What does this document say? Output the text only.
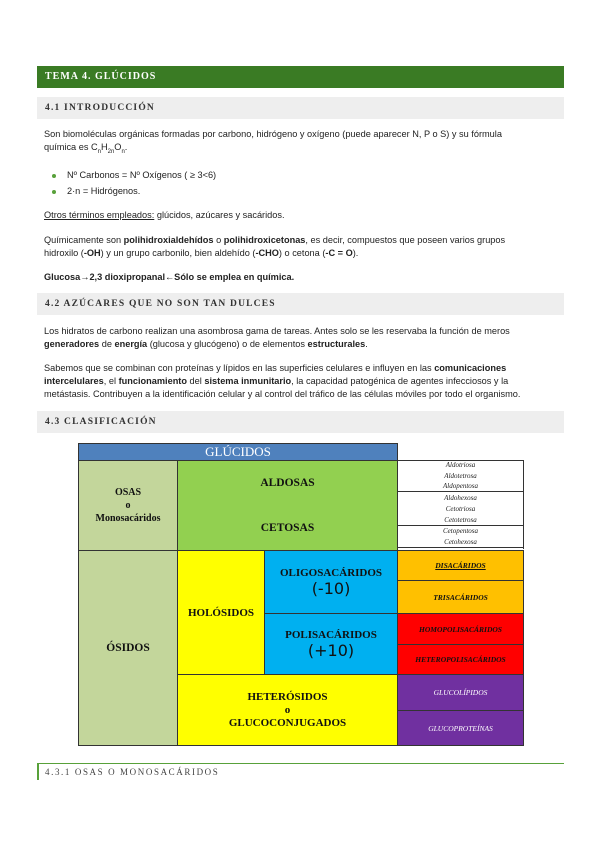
TEMA 4. GLÚCIDOS
4.1 INTRODUCCIÓN

Son biomoléculas orgánicas formadas por carbono, hidrógeno y oxígeno (puede aparecer N, P o S) y su fórmula
química es $C_nH_{2n}O_n$.

Nº Carbonos = Nº Oxígenos ( ≥ 3<6)
2·n = Hidrógenos.

Otros términos empleados: glúcidos, azúcares y sacáridos.

Químicamente son polihidroxialdehídos o polihidroxicetonas, es decir, compuestos que poseen varios grupos
hidroxilo (-OH) y un grupo carbonilo, bien aldehído (-CHO) o cetona (-C = O).

Glucosa→2,3 dioxipropanal←Sólo se emplea en química.

4.2 AZÚCARES QUE NO SON TAN DULCES

Los hidratos de carbono realizan una asombrosa gama de tareas. Antes solo se les reservaba la función de meros
generadores de energía (glucosa y glucógeno) o de elementos estructurales.

Sabemos que se combinan con proteínas y lípidos en las superficies celulares e influyen en las comunicaciones
intercelulares, el funcionamiento del sistema inmunitario, la capacidad patogénica de agentes infecciosos y la
metástasis. Contribuyen a la identificación celular y al control del tráfico de las células móviles por todo el organismo.

4.3 CLASIFICACIÓN
GLÚCIDOS
OSAS
o
Monosacáridos
ALDOSAS
CETOSAS
Aldotriosa
Aldotetrosa
Aldopentosa
Aldohexosa
Cetotriosa
Cetotetrosa
Cetopentosa
Cetohexosa
ÓSIDOS
HOLÓSIDOS
OLIGOSACÁRIDOS
(-10)
POLISACÁRIDOS
(+10)
HETERÓSIDOS
o
GLUCOCONJUGADOS
DISACÁRIDOS
TRISACÁRIDOS
HOMOPOLISACÁRIDOS
HETEROPOLISACÁRIDOS
GLUCOLÍPIDOS
GLUCOPROTEÍNAS
4.3.1 OSAS O MONOSACÁRIDOS
